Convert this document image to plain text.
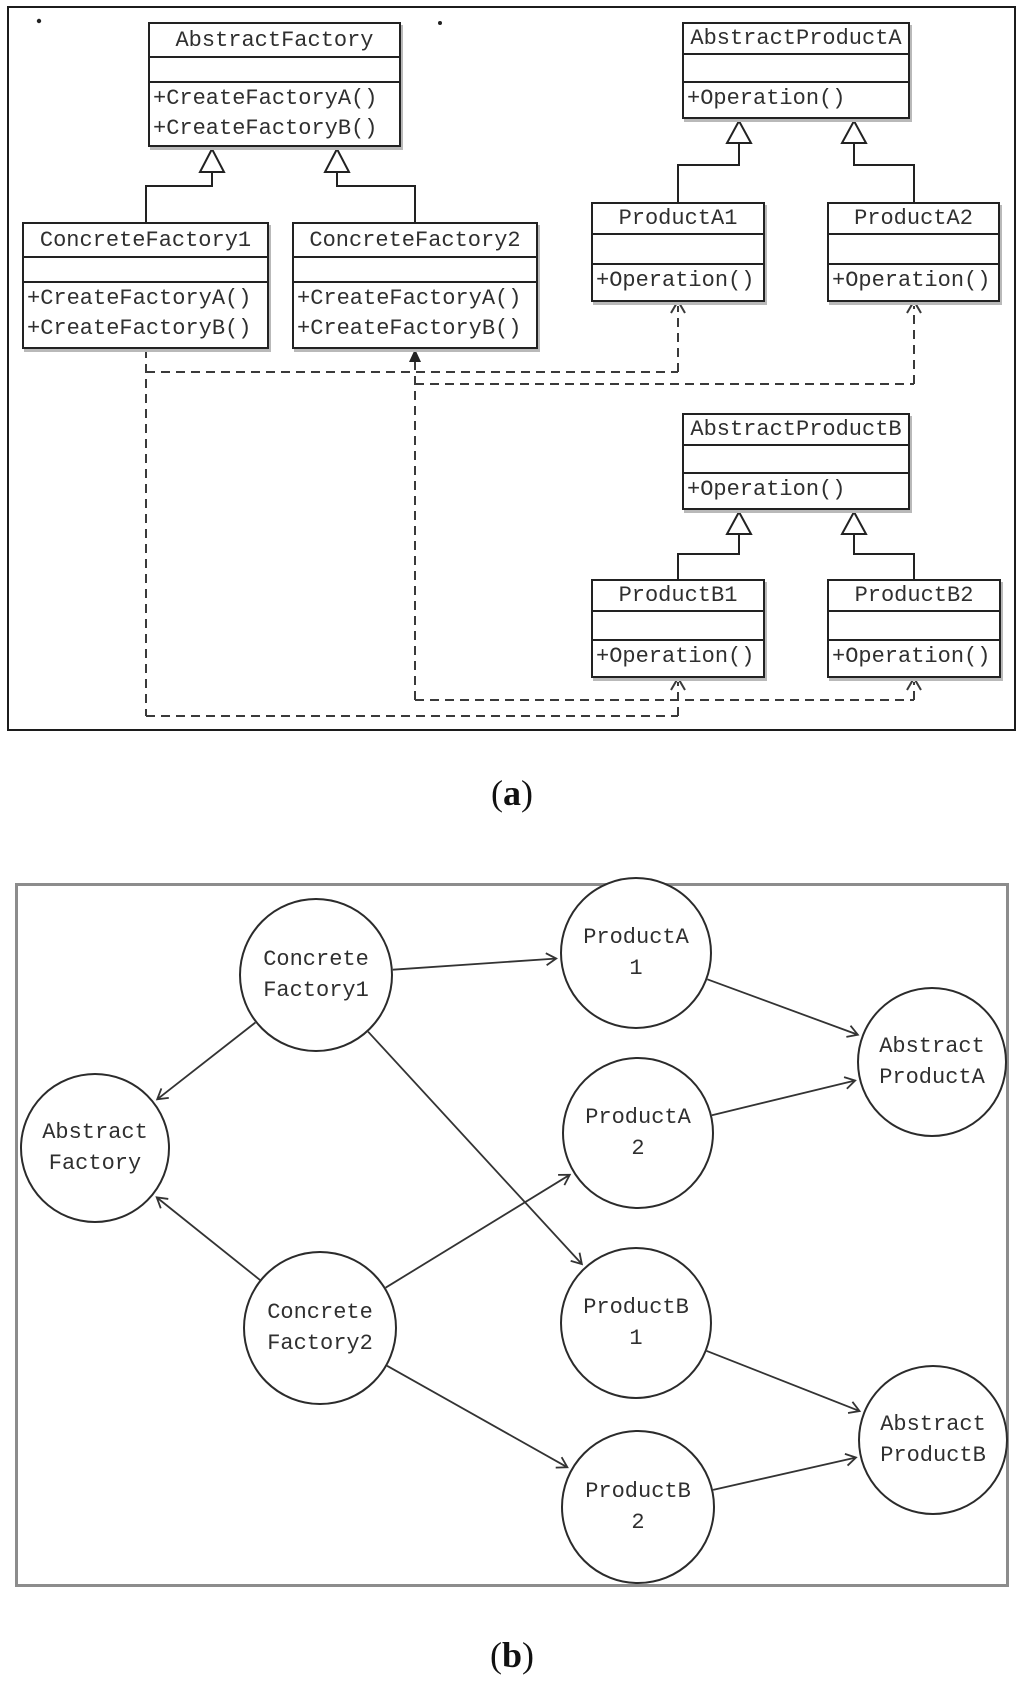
AbstractFactory
+CreateFactoryA()
+CreateFactoryB()
AbstractProductA
+Operation()
ConcreteFactory1
+CreateFactoryA()
+CreateFactoryB()
ConcreteFactory2
+CreateFactoryA()
+CreateFactoryB()
ProductA1
+Operation()
ProductA2
+Operation()
AbstractProductB
+Operation()
ProductB1
+Operation()
ProductB2
+Operation()
(a)
Concrete
Factory1
ProductA
1
Abstract
ProductA
Abstract
Factory
ProductA
2
Concrete
Factory2
ProductB
1
Abstract
ProductB
ProductB
2
(b)
